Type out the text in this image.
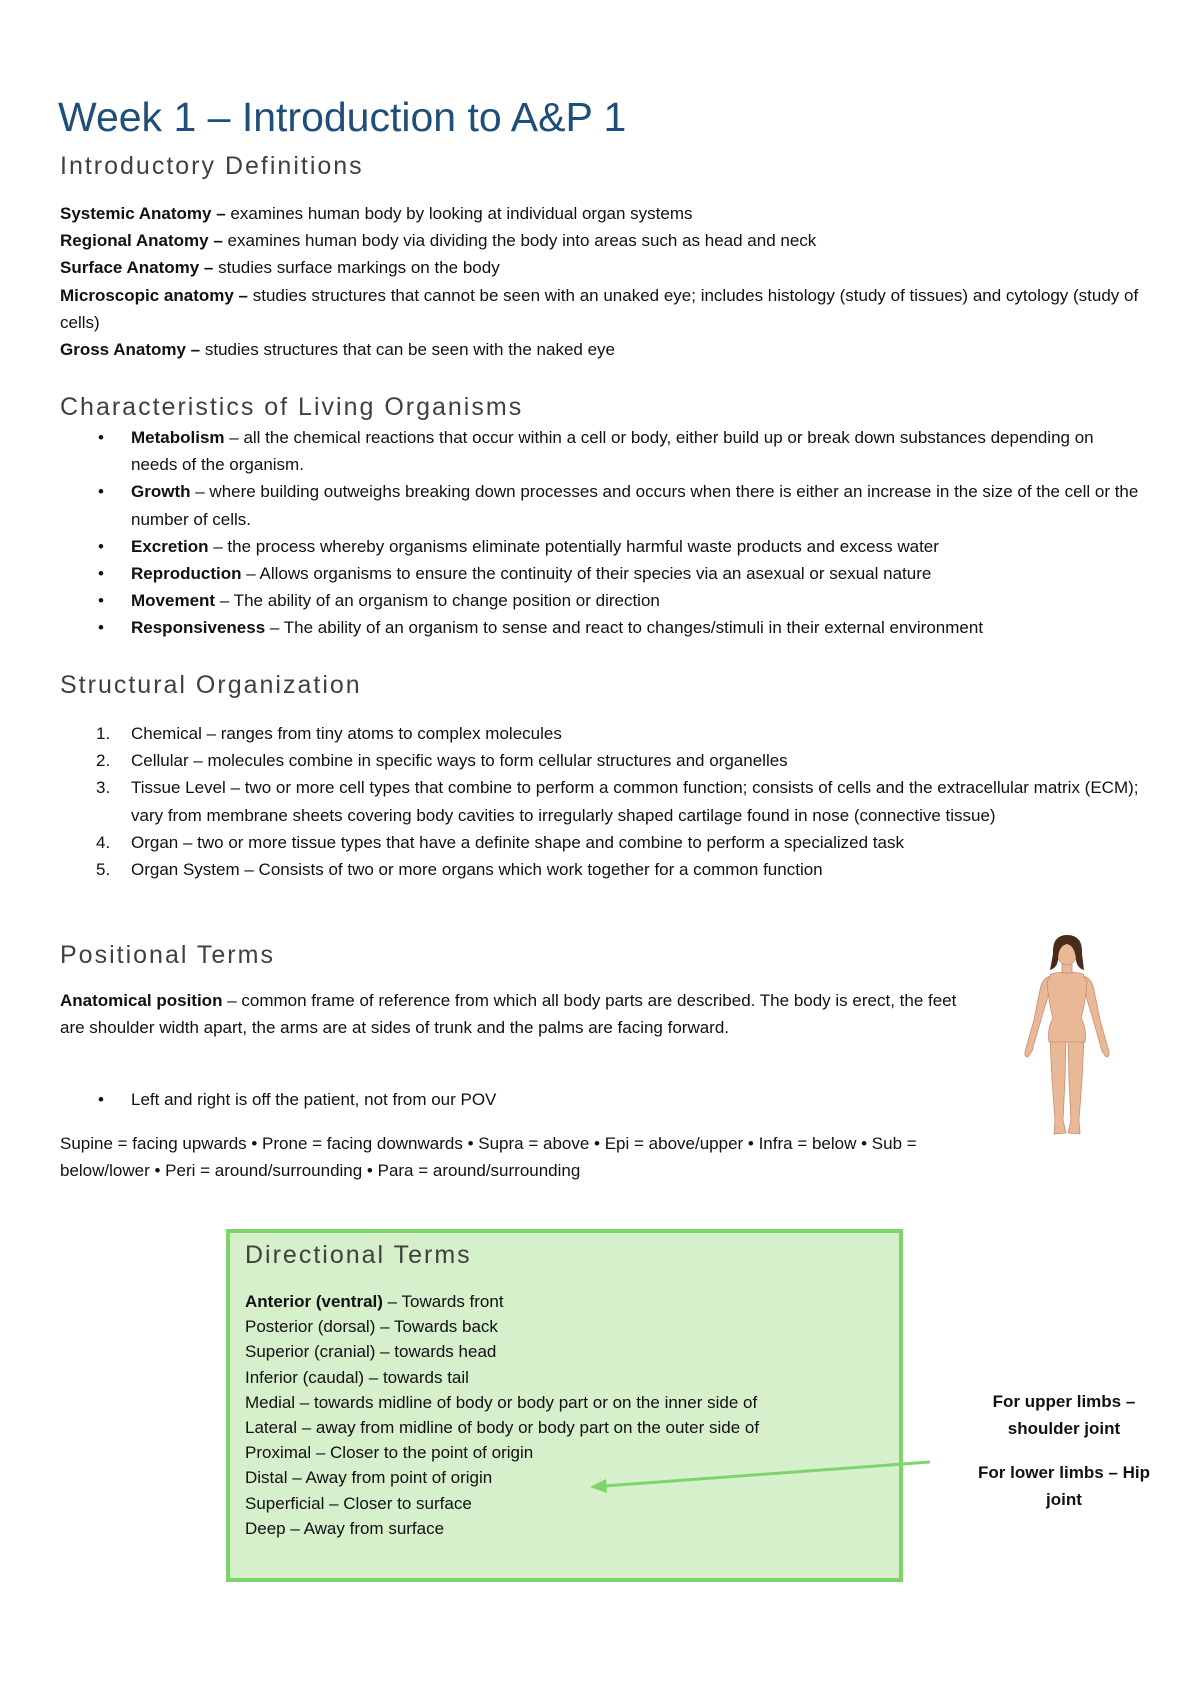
Week 1 – Introduction to A&P 1
Introductory Definitions
Systemic Anatomy – examines human body by looking at individual organ systems
Regional Anatomy – examines human body via dividing the body into areas such as head and neck
Surface Anatomy – studies surface markings on the body
Microscopic anatomy – studies structures that cannot be seen with an unaked eye; includes histology (study of tissues) and cytology (study of cells)
Gross Anatomy – studies structures that can be seen with the naked eye
Characteristics of Living Organisms
•
Metabolism – all the chemical reactions that occur within a cell or body, either build up or break down substances depending on needs of the organism.
•
Growth – where building outweighs breaking down processes and occurs when there is either an increase in the size of the cell or the number of cells.
•
Excretion – the process whereby organisms eliminate potentially harmful waste products and excess water
•
Reproduction – Allows organisms to ensure the continuity of their species via an asexual or sexual nature
•
Movement – The ability of an organism to change position or direction
•
Responsiveness – The ability of an organism to sense and react to changes/stimuli in their external environment
Structural Organization
1. Chemical – ranges from tiny atoms to complex molecules
2. Cellular – molecules combine in specific ways to form cellular structures and organelles
3. Tissue Level – two or more cell types that combine to perform a common function; consists of cells and the extracellular matrix (ECM); vary from membrane sheets covering body cavities to irregularly shaped cartilage found in nose (connective tissue)
4. Organ – two or more tissue types that have a definite shape and combine to perform a specialized task
5. Organ System – Consists of two or more organs which work together for a common function
Positional Terms
Anatomical position – common frame of reference from which all body parts are described. The body is erect, the feet are shoulder width apart, the arms are at sides of trunk and the palms are facing forward.
•
Left and right is off the patient, not from our POV
Supine = facing upwards • Prone = facing downwards • Supra = above • Epi = above/upper • Infra = below • Sub = below/lower • Peri = around/surrounding • Para = around/surrounding
Directional Terms
Anterior (ventral) – Towards front
Posterior (dorsal) – Towards back
Superior (cranial) – towards head
Inferior (caudal) – towards tail
Medial – towards midline of body or body part or on the inner side of
Lateral – away from midline of body or body part on the outer side of
Proximal – Closer to the point of origin
Distal – Away from point of origin
Superficial – Closer to surface
Deep – Away from surface
For upper limbs – shoulder joint
For lower limbs – Hip joint
